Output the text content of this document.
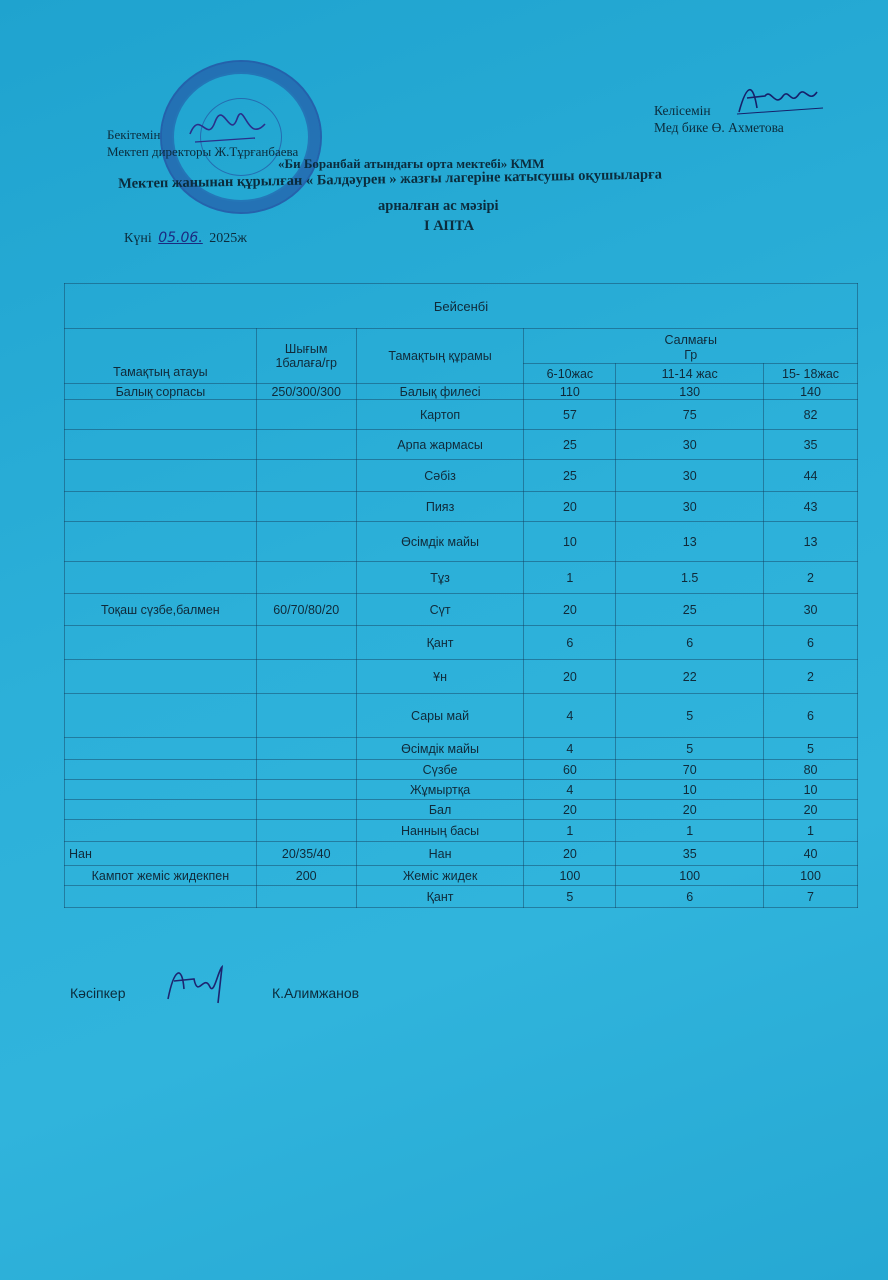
Бекітемін
Мектеп директоры Ж.Тұрғанбаева
Келісемін
Мед бике Ө. Ахметова
«Би Боранбай атындағы орта мектебі» КММ
Мектеп жанынан құрылған « Балдәурен » жазғы лагеріне катысушы оқушыларға
арналған ас мәзірі
I АПТА
Күні 05.06. 2025ж
Бейсенбі					
Тамақтың атауы	Шығым 1балаға/гр	Тамақтың құрамы	Салмағы
Гр		

			6-10жас	11-14 жас	15- 18жас
Балық сорпасы	250/300/300	Балық филесі	110	130	140
		Картоп	57	75	82
		Арпа жармасы	25	30	35
		Сәбіз	25	30	44
		Пияз	20	30	43
		Өсімдік майы	10	13	13
		Тұз	1	1.5	2
Тоқаш сүзбе,балмен	60/70/80/20	Сүт	20	25	30
		Қант	6	6	6
		Ұн	20	22	2
		Сары май	4	5	6
		Өсімдік майы	4	5	5
		Сүзбе	60	70	80
		Жұмыртқа	4	10	10
		Бал	20	20	20
		Нанның басы	1	1	1
Нан	20/35/40	Нан	20	35	40
Кампот жеміс жидекпен	200	Жеміс жидек	100	100	100
		Қант	5	6	7
Кәсіпкер	К.Алимжанов
